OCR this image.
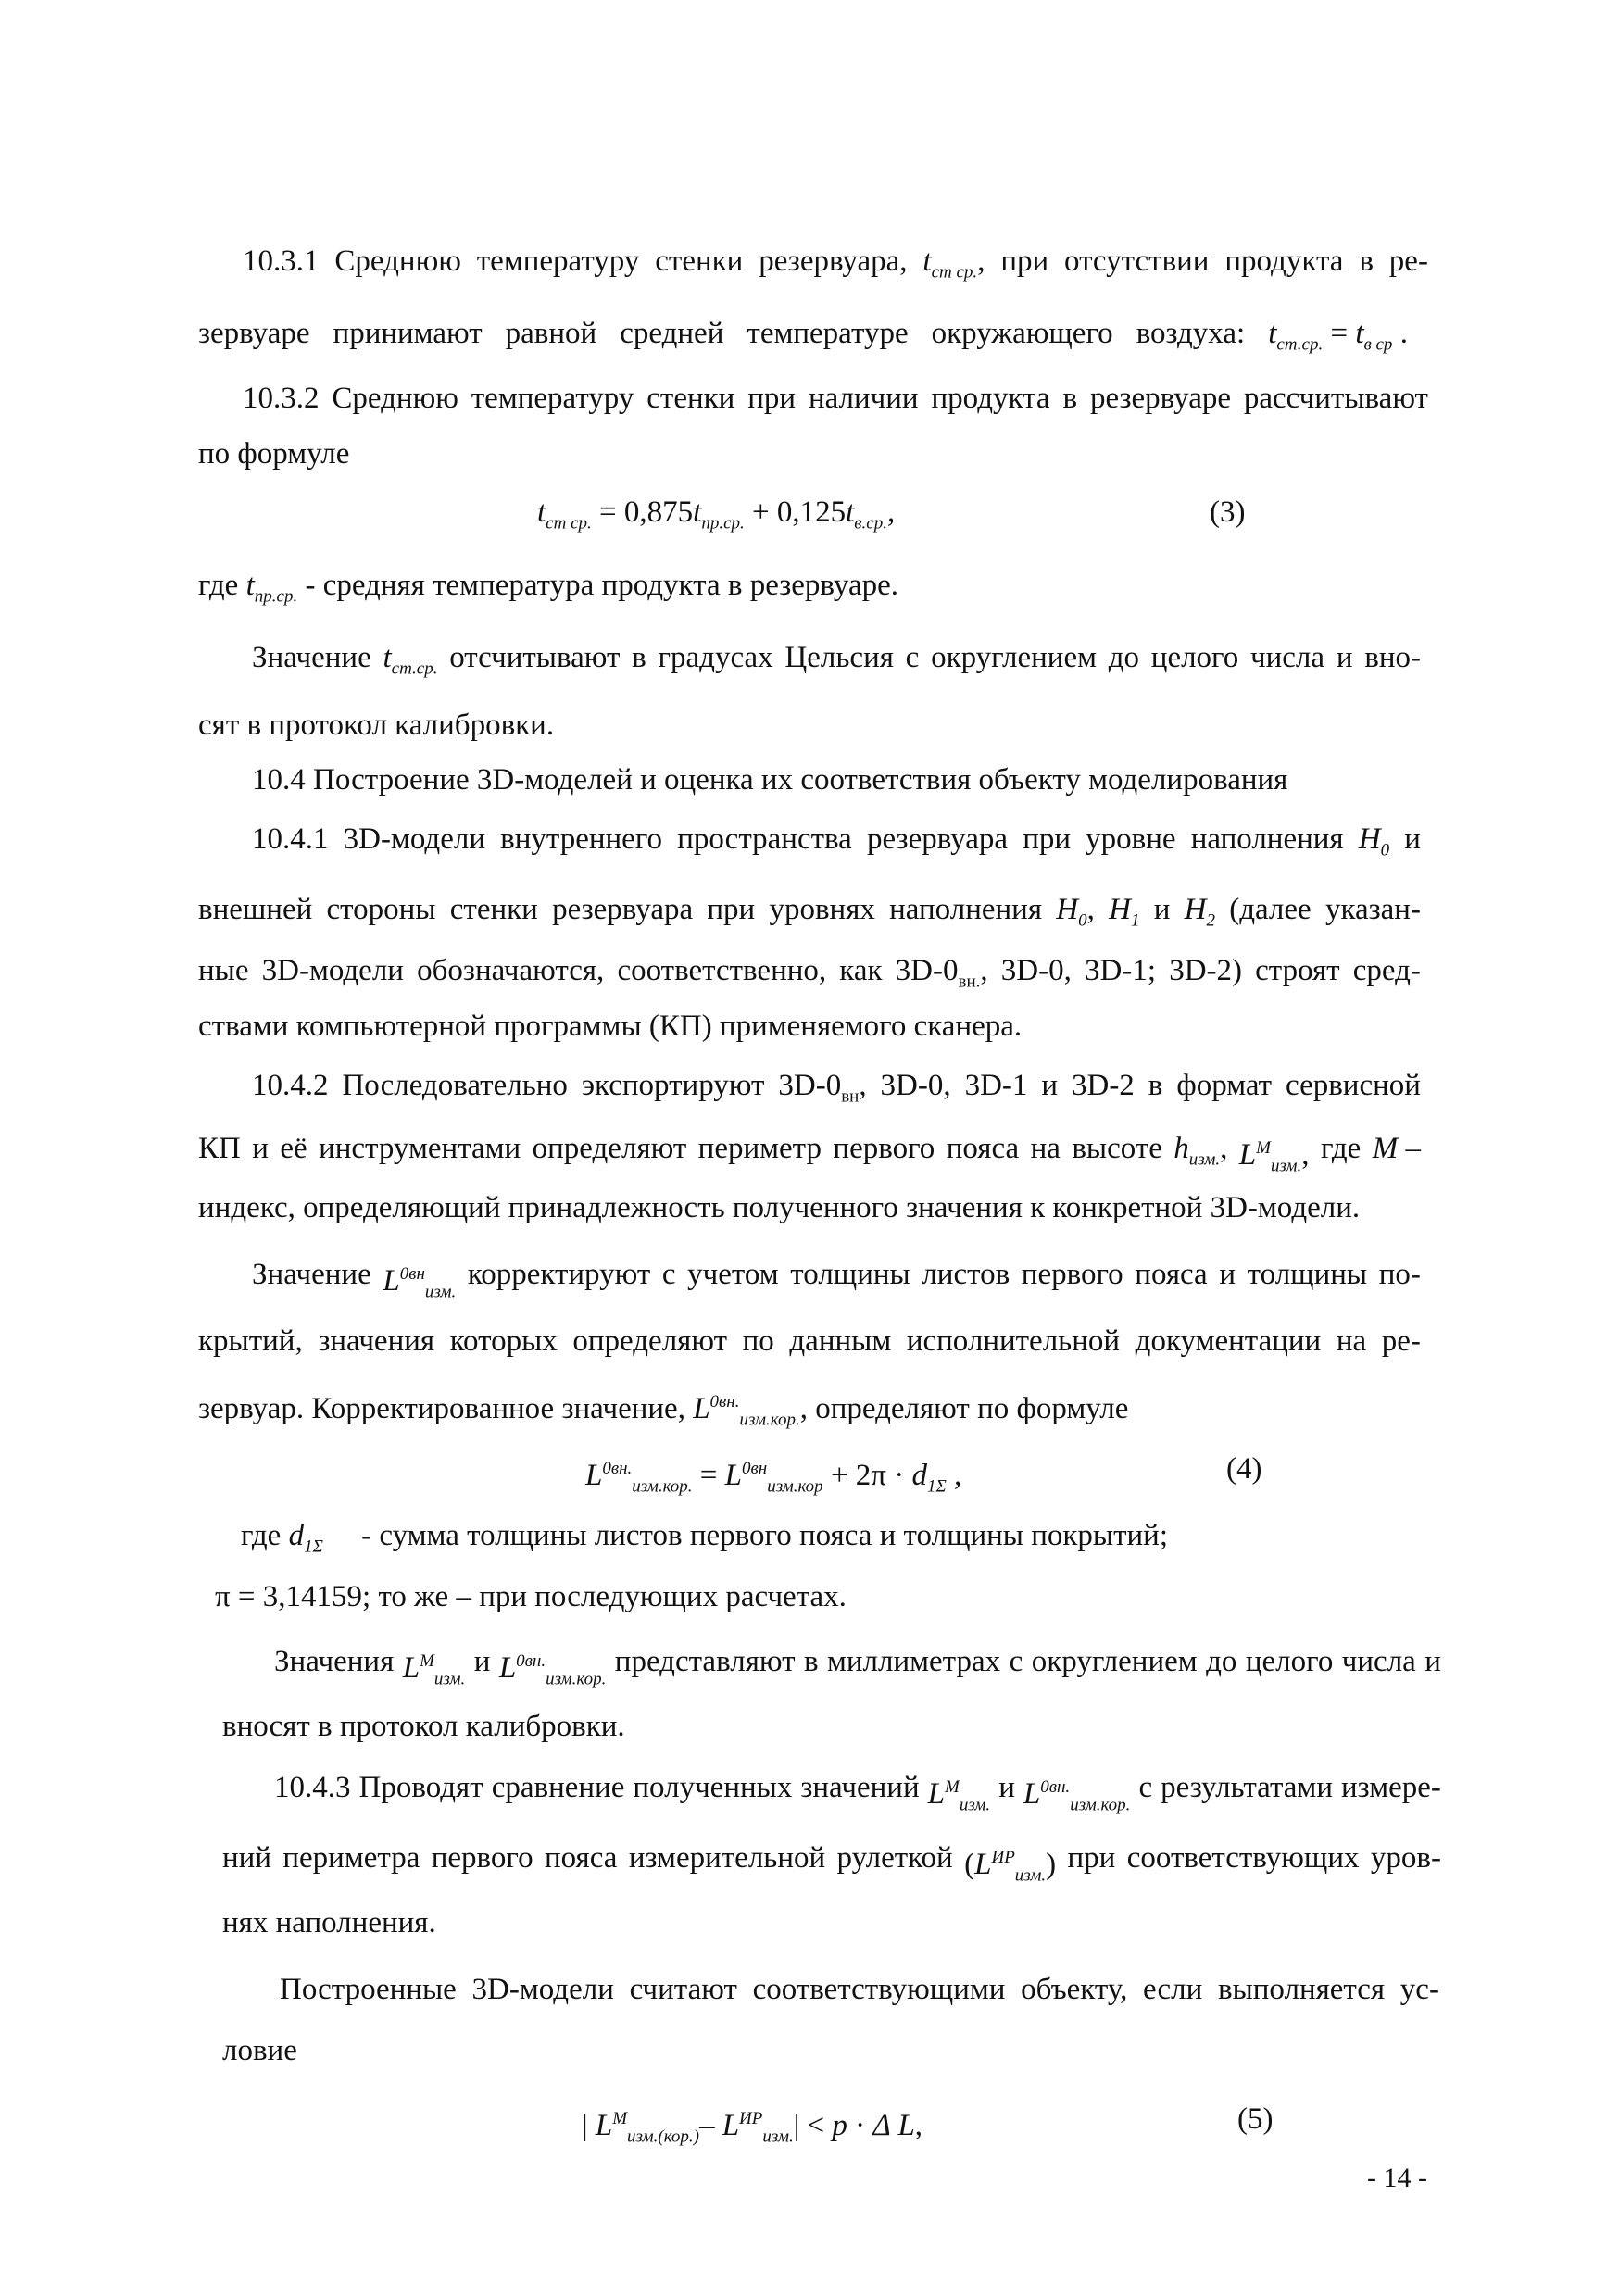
10.3.1 Среднюю температуру стенки резервуара, $t_{ст ср.}$, при отсутствии продукта в ре-
зервуаре принимают равной средней температуре окружающего воздуха: $t_{ст.ср.} = t_{в ср}$ .
10.3.2 Среднюю температуру стенки при наличии продукта в резервуаре рассчитывают
по формуле
$t_{ст ср.} = 0,875t_{пр.ср.} + 0,125t_{в.ср.}$,	(3)
где $t_{пр.ср.}$ - средняя температура продукта в резервуаре.
Значение $t_{ст.ср.}$ отсчитывают в градусах Цельсия с округлением до целого числа и вно-
сят в протокол калибровки.
10.4 Построение 3D-моделей и оценка их соответствия объекту моделирования
10.4.1 3D-модели внутреннего пространства резервуара при уровне наполнения $H_0$ и
внешней стороны стенки резервуара при уровнях наполнения $H_0$, $H_1$ и $H_2$ (далее указан-
ные 3D-модели обозначаются, соответственно, как $3D-0_{вн.}$, 3D-0, 3D-1; 3D-2) строят сред-
ствами компьютерной программы (КП) применяемого сканера.
10.4.2 Последовательно экспортируют $3D-0_{вн}$, 3D-0, 3D-1 и 3D-2 в формат сервисной
КП и её инструментами определяют периметр первого пояса на высоте $h_{изм.}$, $L^M_{изм.}$, где M –
индекс, определяющий принадлежность полученного значения к конкретной 3D-модели.
Значение $L^{0вн}_{изм.}$
корректируют с учетом толщины листов первого пояса и толщины по-
крытий, значения которых определяют по данным исполнительной документации на ре-
зервуар. Корректированное значение, $L^{0вн.}_{изм.кор.}$, определяют по формуле
$L^{0вн.}_{изм.кор.} = L^{0вн}_{изм.кор} + 2\pi \cdot d_{1\Sigma}$ ,	(4)
где $d_{1\Sigma}$     - сумма толщины листов первого пояса и толщины покрытий;
π = 3,14159; то же – при последующих расчетах.
Значения $L^M_{изм.}$
и $L^{0вн.}_{изм.кор.}$
представляют в миллиметрах с округлением до целого числа и
вносят в протокол калибровки.
10.4.3 Проводят сравнение полученных значений $L^M_{изм.}$
и $L^{0вн.}_{изм.кор.}$
с результатами измере-
ний периметра первого пояса измерительной рулеткой $(L^{ИР}_{изм.})$ при соответствующих уров-
нях наполнения.
Построенные 3D-модели считают соответствующими объекту, если выполняется ус-
ловие
| $L^M_{изм.(кор.)}-$ $L^{ИР}_{изм.}| < p \cdot \Delta$ L,	(5)
- 14 -
